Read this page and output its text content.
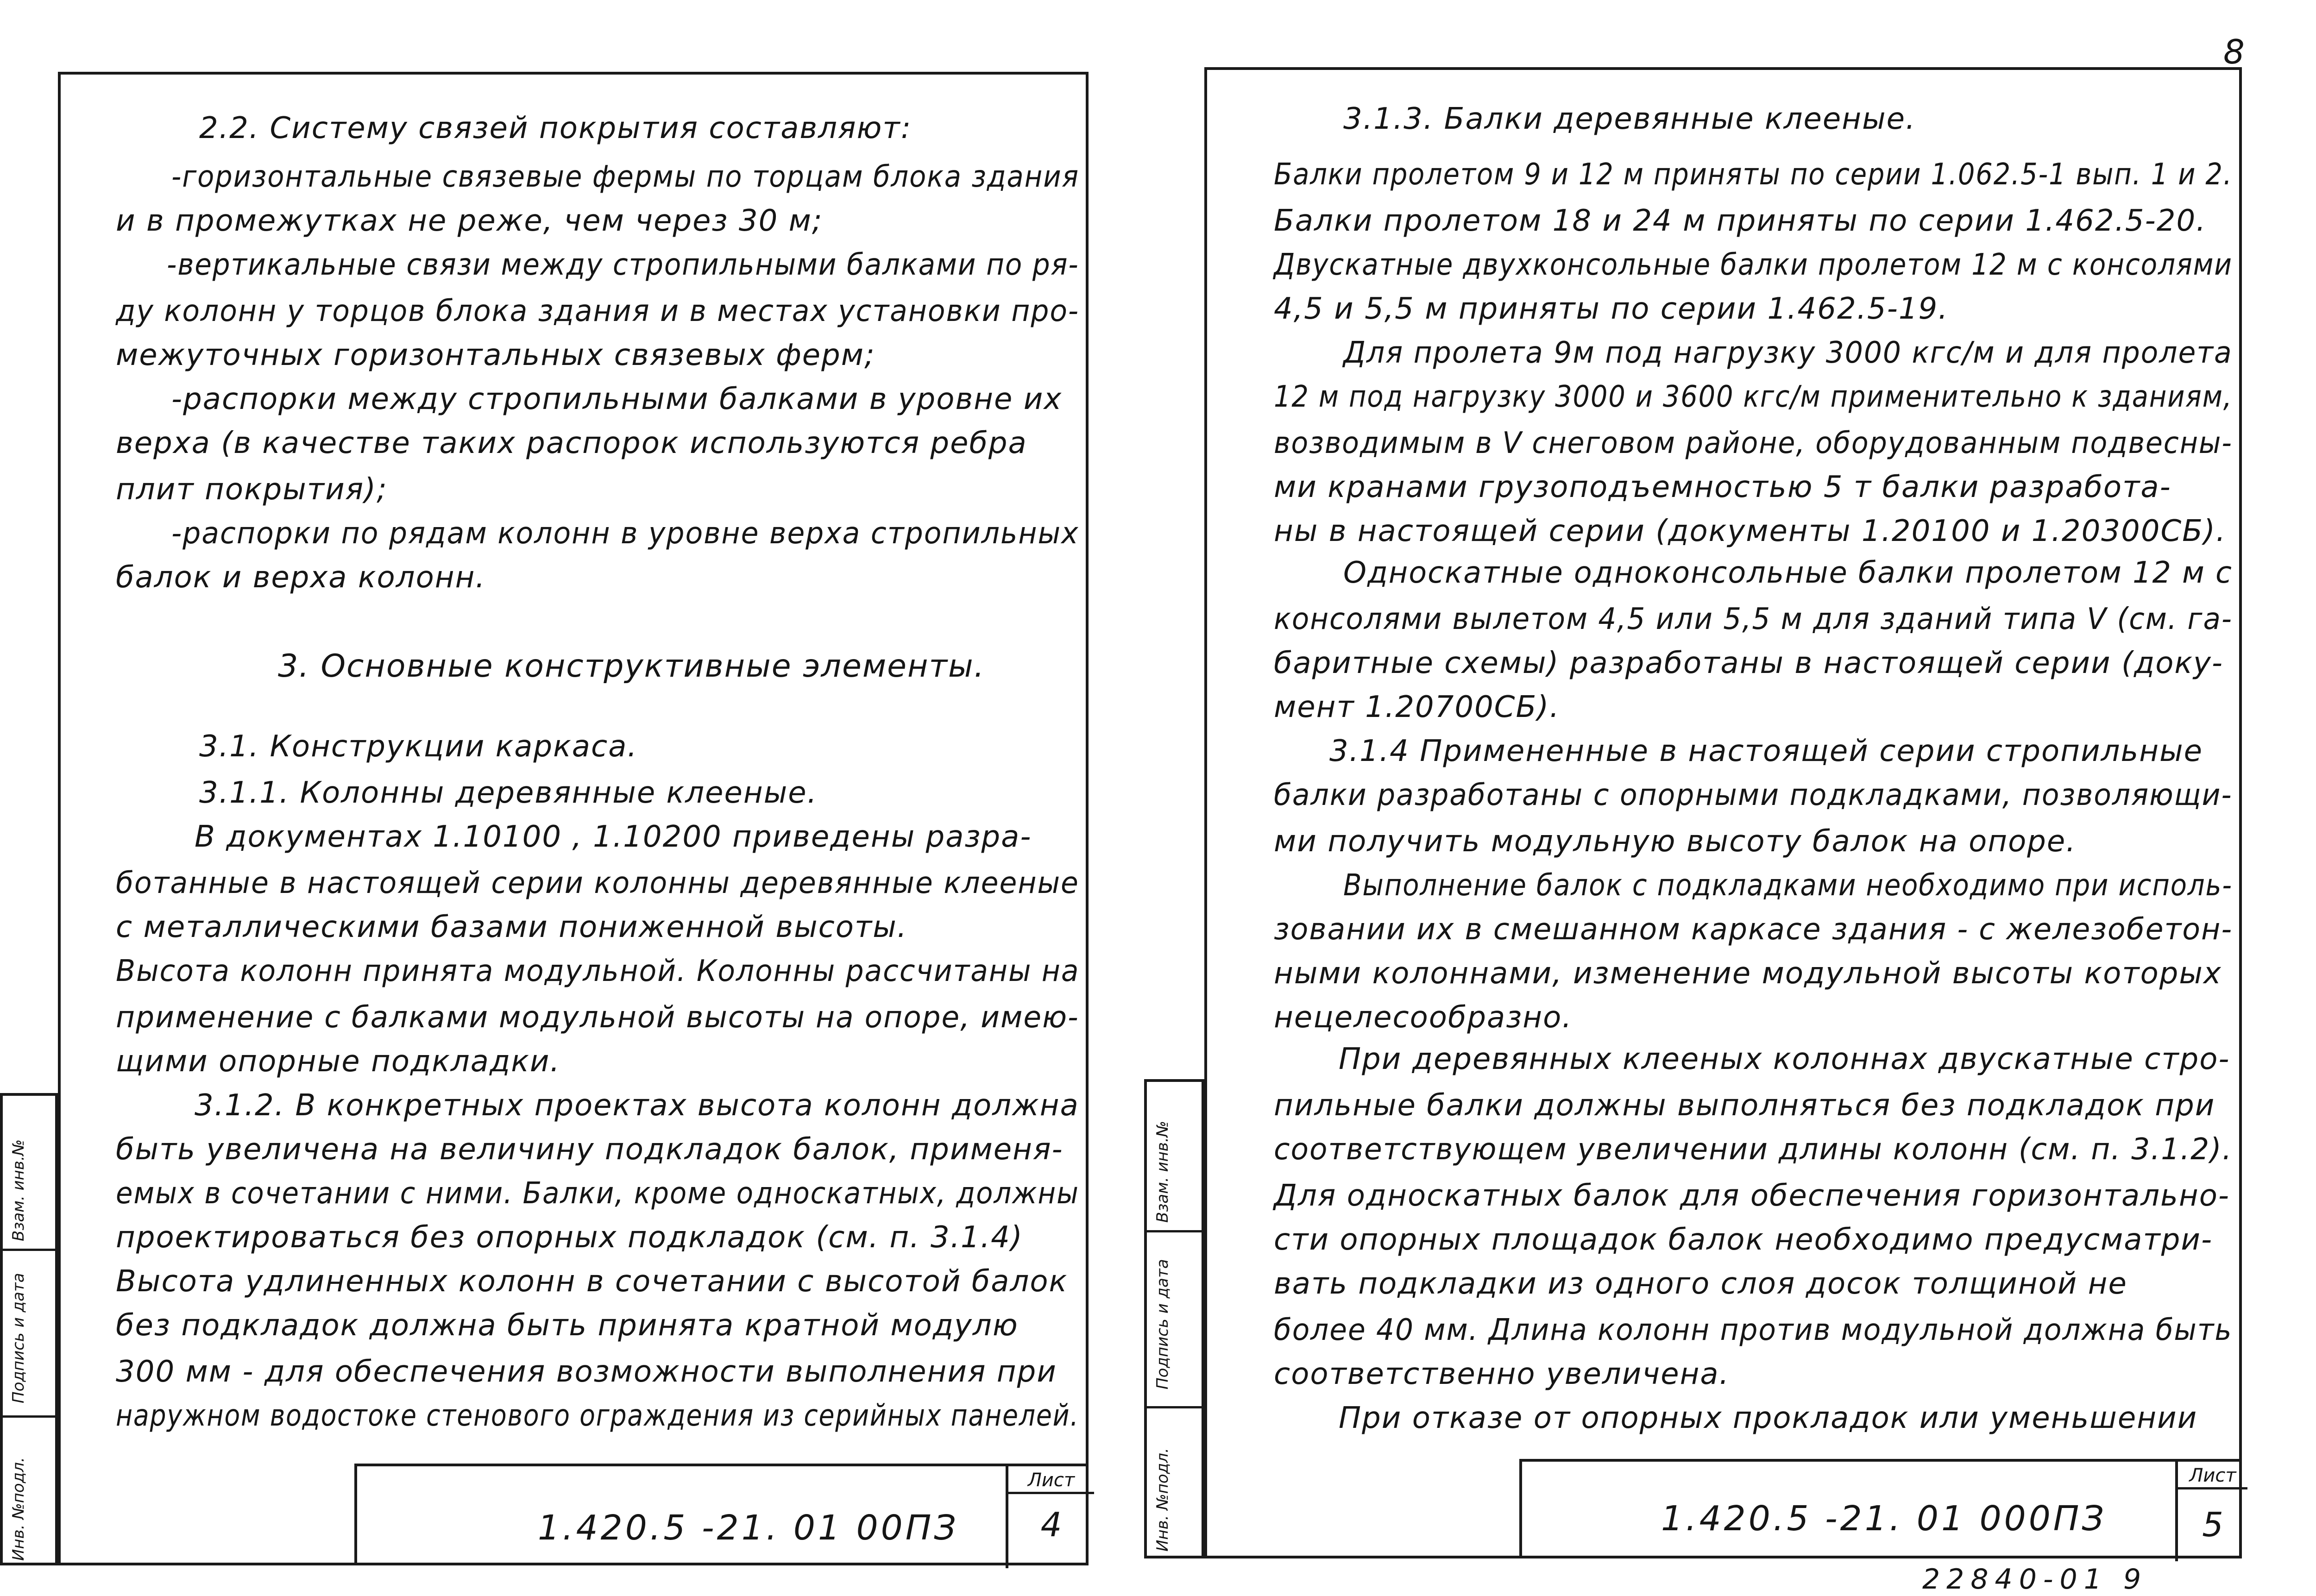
8
2.2. Систему связей покрытия составляют:
-горизонтальные связевые фермы по торцам блока здания
и в промежутках не реже, чем через 30 м;
-вертикальные связи между стропильными балками по ря-
ду колонн у торцов блока здания и в местах установки про-
межуточных горизонтальных связевых ферм;
-распорки между стропильными балками в уровне их
верха (в качестве таких распорок используются ребра
плит покрытия);
-распорки по рядам колонн в уровне верха стропильных
балок и верха колонн.
3. Основные конструктивные элементы.
3.1. Конструкции каркаса.
3.1.1. Колонны деревянные клееные.
В документах 1.10100 , 1.10200 приведены разра-
ботанные в настоящей серии колонны деревянные клееные
с металлическими базами пониженной высоты.
Высота колонн принята модульной. Колонны рассчитаны на
применение с балками модульной высоты на опоре, имею-
щими опорные подкладки.
3.1.2. В конкретных проектах высота колонн должна
быть увеличена на величину подкладок балок, применя-
емых в сочетании с ними. Балки, кроме односкатных, должны
проектироваться без опорных подкладок (см. п. 3.1.4)
Высота удлиненных колонн в сочетании с высотой балок
без подкладок должна быть принята кратной модулю
300 мм - для обеспечения возможности выполнения при
наружном водостоке стенового ограждения из серийных панелей.
Инв. №подл.
Подпись и дата
Взам. инв.№
1.420.5 -21. 01 00ПЗ
Лист
4
3.1.3. Балки деревянные клееные.
Балки пролетом 9 и 12 м приняты по серии 1.062.5-1 вып. 1 и 2.
Балки пролетом 18 и 24 м приняты по серии 1.462.5-20.
Двускатные двухконсольные балки пролетом 12 м с консолями
4,5 и 5,5 м приняты по серии 1.462.5-19.
Для пролета 9м под нагрузку 3000 кгс/м и для пролета
12 м под нагрузку 3000 и 3600 кгс/м применительно к зданиям,
возводимым в V снеговом районе, оборудованным подвесны-
ми кранами грузоподъемностью 5 т балки разработа-
ны в настоящей серии (документы 1.20100 и 1.20300СБ).
Односкатные одноконсольные балки пролетом 12 м с
консолями вылетом 4,5 или 5,5 м для зданий типа V (см. га-
баритные схемы) разработаны в настоящей серии (доку-
мент 1.20700СБ).
3.1.4 Примененные в настоящей серии стропильные
балки разработаны с опорными подкладками, позволяющи-
ми получить модульную высоту балок на опоре.
Выполнение балок с подкладками необходимо при исполь-
зовании их в смешанном каркасе здания - с железобетон-
ными колоннами, изменение модульной высоты которых
нецелесообразно.
При деревянных клееных колоннах двускатные стро-
пильные балки должны выполняться без подкладок при
соответствующем увеличении длины колонн (см. п. 3.1.2).
Для односкатных балок для обеспечения горизонтально-
сти опорных площадок балок необходимо предусматри-
вать подкладки из одного слоя досок толщиной не
более 40 мм. Длина колонн против модульной должна быть
соответственно увеличена.
При отказе от опорных прокладок или уменьшении
Инв. №подл.
Подпись и дата
Взам. инв.№
1.420.5 -21. 01 000ПЗ
Лист
5
22840-01 9
